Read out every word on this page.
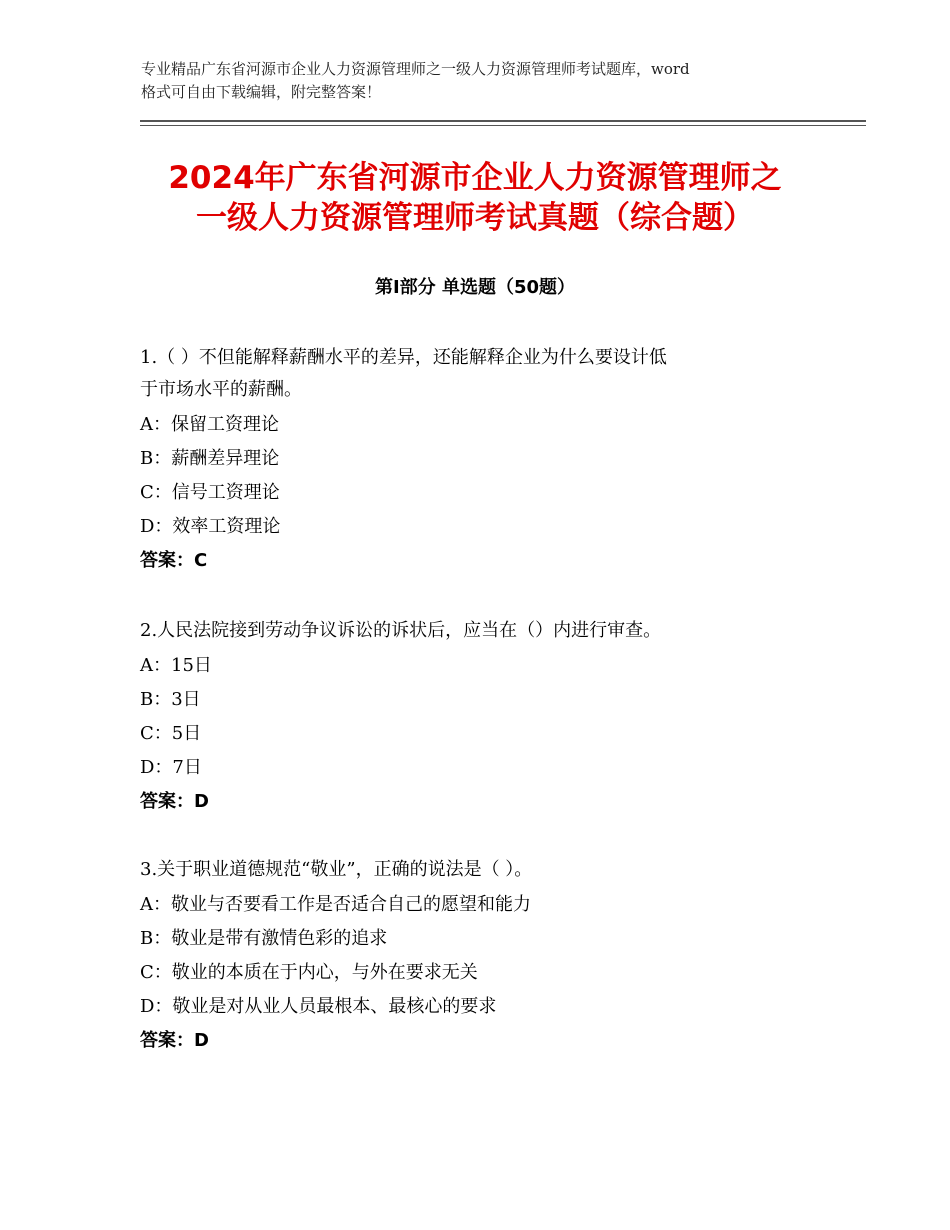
专业精品广东省河源市企业人力资源管理师之一级人力资源管理师考试题库，word
格式可自由下载编辑，附完整答案！
2024年广东省河源市企业人力资源管理师之
一级人力资源管理师考试真题（综合题）
第Ⅰ部分 单选题（50题）

1.（ ）不但能解释薪酬水平的差异，还能解释企业为什么要设计低
于市场水平的薪酬。

A：保留工资理论

B：薪酬差异理论

C：信号工资理论

D：效率工资理论

答案：C

2.人民法院接到劳动争议诉讼的诉状后，应当在（）内进行审查。

A：15日

B：3日

C：5日

D：7日

答案：D

3.关于职业道德规范“敬业”，正确的说法是（ ）。

A：敬业与否要看工作是否适合自己的愿望和能力

B：敬业是带有激情色彩的追求

C：敬业的本质在于内心，与外在要求无关

D：敬业是对从业人员最根本、最核心的要求

答案：D
